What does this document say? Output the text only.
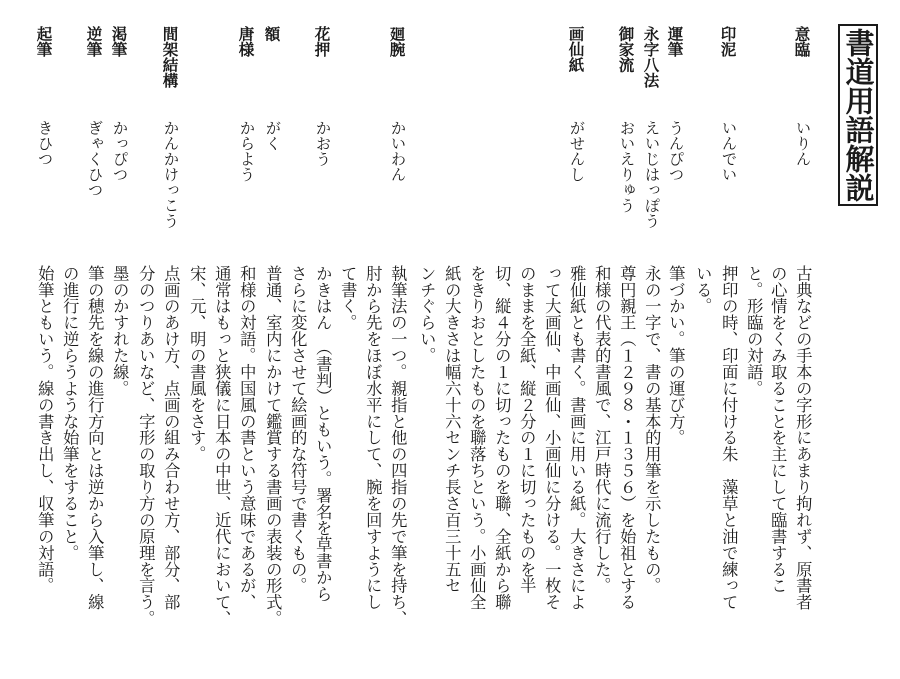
書道用語解説

意臨

いりん

印泥

いんでい

運筆

うんぴつ

永字八法

えいじはっぽう

御家流

おいえりゅう

画仙紙

がせんし

廻腕

かいわん

花押

かおう

額

がく

唐様

からよう

間架結構

かんかけっこう

渇筆

かっぴつ

逆筆

ぎゃくひつ

起筆

きひつ

古典などの手本の字形にあまり拘れず、原書者

の心情をくみ取ることを主にして臨書するこ

と。形臨の対語。

押印の時、印面に付ける朱　藻草と油で練って

いる。

筆づかい。筆の運び方。

永の一字で、書の基本的用筆を示したもの。

尊円親王（１２９８・１３５６）を始祖とする

和様の代表的書風で、江戸時代に流行した。

雅仙紙とも書く。書画に用いる紙。大きさによ

って大画仙、中画仙、小画仙に分ける。一枚そ

のままを全紙、縦２分の１に切ったものを半

切、縦４分の１に切ったものを聯、全紙から聯

をきりおとしたものを聯落ちという。小画仙全

紙の大きさは幅六十六センチ長さ百三十五セ

ンチぐらい。

執筆法の一つ。親指と他の四指の先で筆を持ち、

肘から先をほぼ水平にして、腕を回すようにし

て書く。

かきはん　（書判）ともいう。署名を草書から

さらに変化させて絵画的な符号で書くもの。

普通、室内にかけて鑑賞する書画の表装の形式。

和様の対語。中国風の書という意味であるが、

通常はもっと狭儀に日本の中世、近代において、

宋、元、明の書風をさす。

点画のあけ方、点画の組み合わせ方、部分、部

分のつりあいなど、字形の取り方の原理を言う。

墨のかすれた線。

筆の穂先を線の進行方向とは逆から入筆し、線

の進行に逆らうような始筆をすること。

始筆ともいう。線の書き出し、収筆の対語。
